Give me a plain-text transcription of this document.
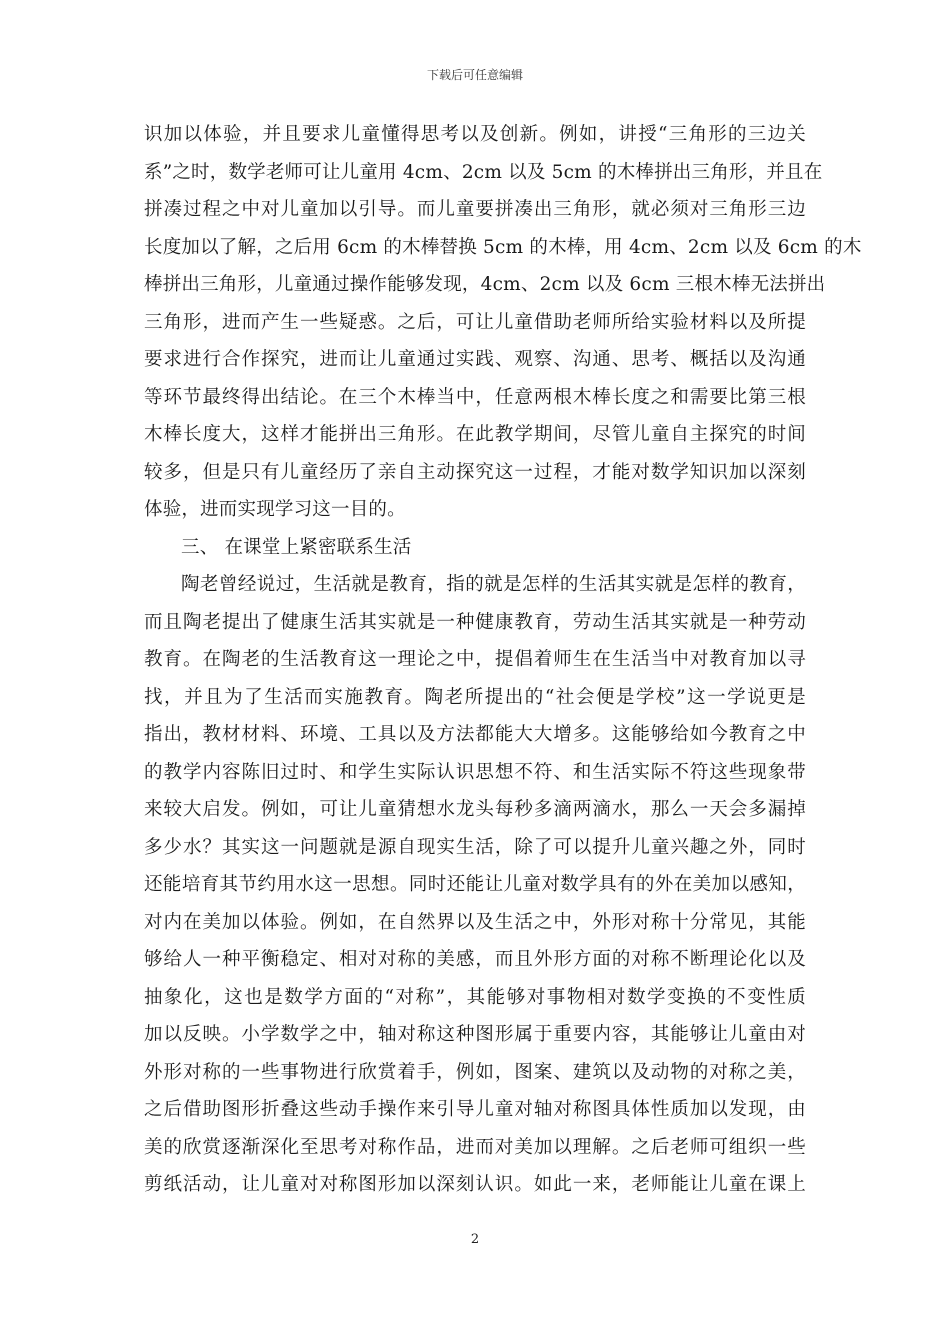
下载后可任意编辑
识加以体验，并且要求儿童懂得思考以及创新。例如，讲授“三角形的三边关
系”之时，数学老师可让儿童用 4cm、2cm 以及 5cm 的木棒拼出三角形，并且在
拼凑过程之中对儿童加以引导。而儿童要拼凑出三角形，就必须对三角形三边
长度加以了解，之后用 6cm 的木棒替换 5cm 的木棒，用 4cm、2cm 以及 6cm 的木
棒拼出三角形，儿童通过操作能够发现，4cm、2cm 以及 6cm 三根木棒无法拼出
三角形，进而产生一些疑惑。之后，可让儿童借助老师所给实验材料以及所提
要求进行合作探究，进而让儿童通过实践、观察、沟通、思考、概括以及沟通
等环节最终得出结论。在三个木棒当中，任意两根木棒长度之和需要比第三根
木棒长度大，这样才能拼出三角形。在此教学期间，尽管儿童自主探究的时间
较多，但是只有儿童经历了亲自主动探究这一过程，才能对数学知识加以深刻
体验，进而实现学习这一目的。
三、 在课堂上紧密联系生活
陶老曾经说过，生活就是教育，指的就是怎样的生活其实就是怎样的教育，
而且陶老提出了健康生活其实就是一种健康教育，劳动生活其实就是一种劳动
教育。在陶老的生活教育这一理论之中，提倡着师生在生活当中对教育加以寻
找，并且为了生活而实施教育。陶老所提出的“社会便是学校”这一学说更是
指出，教材材料、环境、工具以及方法都能大大增多。这能够给如今教育之中
的教学内容陈旧过时、和学生实际认识思想不符、和生活实际不符这些现象带
来较大启发。例如，可让儿童猜想水龙头每秒多滴两滴水，那么一天会多漏掉
多少水？其实这一问题就是源自现实生活，除了可以提升儿童兴趣之外，同时
还能培育其节约用水这一思想。同时还能让儿童对数学具有的外在美加以感知，
对内在美加以体验。例如，在自然界以及生活之中，外形对称十分常见，其能
够给人一种平衡稳定、相对对称的美感，而且外形方面的对称不断理论化以及
抽象化，这也是数学方面的“对称”，其能够对事物相对数学变换的不变性质
加以反映。小学数学之中，轴对称这种图形属于重要内容，其能够让儿童由对
外形对称的一些事物进行欣赏着手，例如，图案、建筑以及动物的对称之美，
之后借助图形折叠这些动手操作来引导儿童对轴对称图具体性质加以发现，由
美的欣赏逐渐深化至思考对称作品，进而对美加以理解。之后老师可组织一些
剪纸活动，让儿童对对称图形加以深刻认识。如此一来，老师能让儿童在课上
2
